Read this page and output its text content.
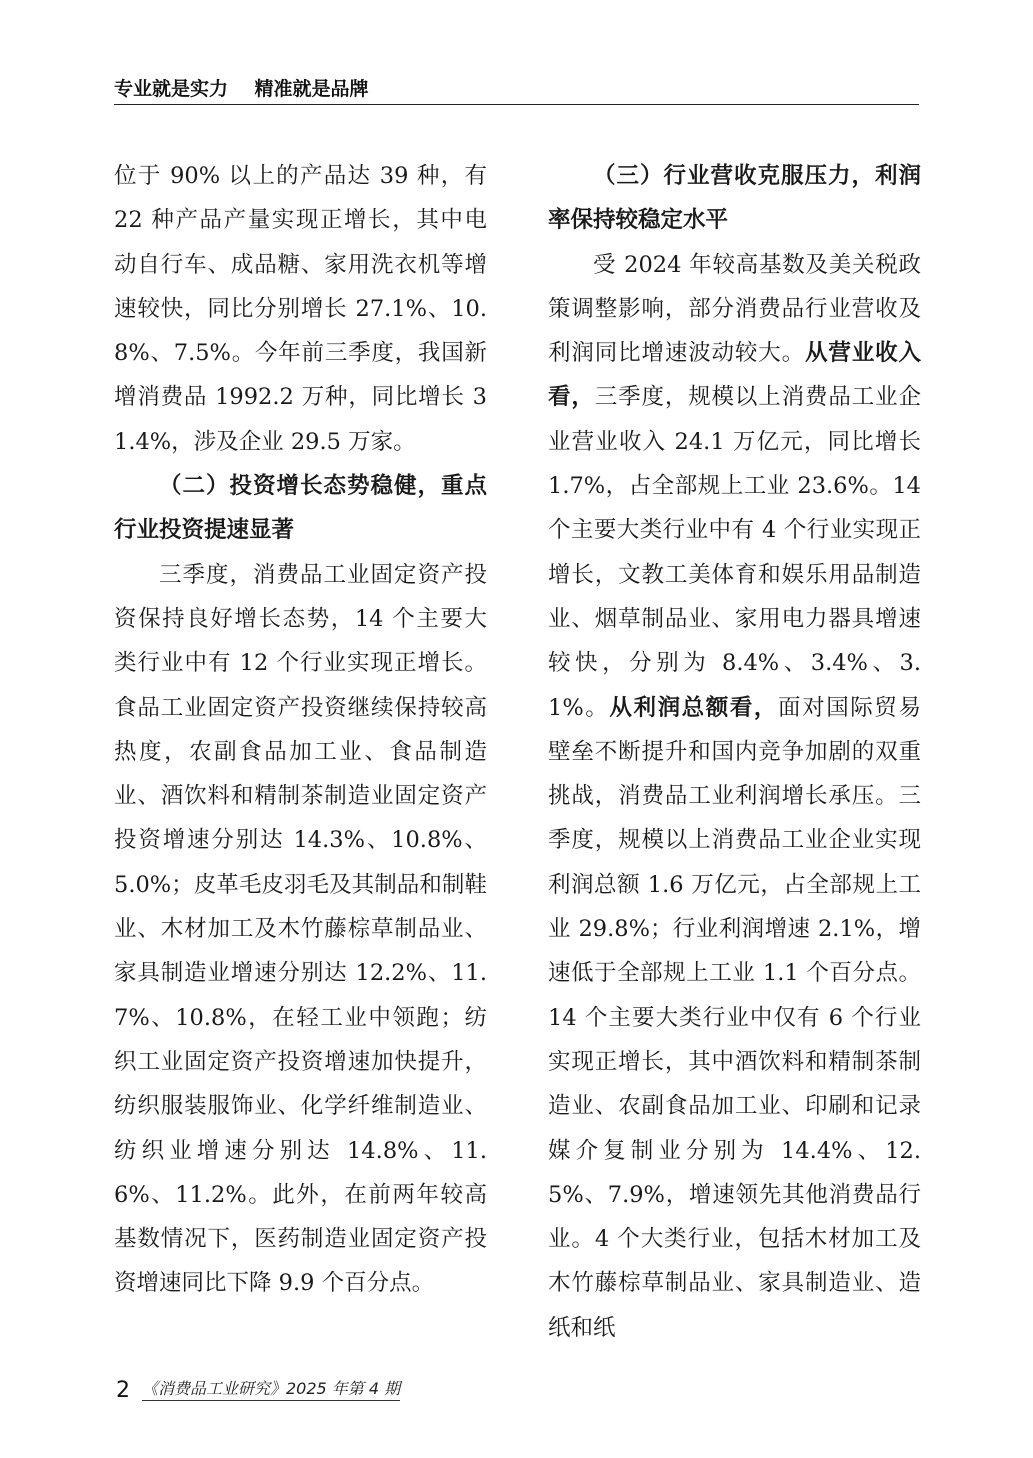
专业就是实力    精准就是品牌

位于 90% 以上的产品达 39 种，有 22 种产品产量实现正增长，其中电动自行车、成品糖、家用洗衣机等增速较快，同比分别增长 27.1%、10.8%、7.5%。今年前三季度，我国新增消费品 1992.2 万种，同比增长 31.4%，涉及企业 29.5 万家。

（二）投资增长态势稳健，重点行业投资提速显著

三季度，消费品工业固定资产投资保持良好增长态势，14 个主要大类行业中有 12 个行业实现正增长。食品工业固定资产投资继续保持较高热度，农副食品加工业、食品制造业、酒饮料和精制茶制造业固定资产投资增速分别达 14.3%、10.8%、5.0%；皮革毛皮羽毛及其制品和制鞋业、木材加工及木竹藤棕草制品业、家具制造业增速分别达 12.2%、11.7%、10.8%，在轻工业中领跑；纺织工业固定资产投资增速加快提升，纺织服装服饰业、化学纤维制造业、纺织业增速分别达 14.8%、11.6%、11.2%。此外，在前两年较高基数情况下，医药制造业固定资产投资增速同比下降 9.9 个百分点。

（三）行业营收克服压力，利润率保持较稳定水平

受 2024 年较高基数及美关税政策调整影响，部分消费品行业营收及利润同比增速波动较大。从营业收入看，三季度，规模以上消费品工业企业营业收入 24.1 万亿元，同比增长 1.7%，占全部规上工业 23.6%。14 个主要大类行业中有 4 个行业实现正增长，文教工美体育和娱乐用品制造业、烟草制品业、家用电力器具增速较快，分别为 8.4%、3.4%、3.1%。从利润总额看，面对国际贸易壁垒不断提升和国内竞争加剧的双重挑战，消费品工业利润增长承压。三季度，规模以上消费品工业企业实现利润总额 1.6 万亿元，占全部规上工业 29.8%；行业利润增速 2.1%，增速低于全部规上工业 1.1 个百分点。14 个主要大类行业中仅有 6 个行业实现正增长，其中酒饮料和精制茶制造业、农副食品加工业、印刷和记录媒介复制业分别为 14.4%、12.5%、7.9%，增速领先其他消费品行业。4 个大类行业，包括木材加工及木竹藤棕草制品业、家具制造业、造纸和纸

2 《消费品工业研究》2025 年第 4 期
